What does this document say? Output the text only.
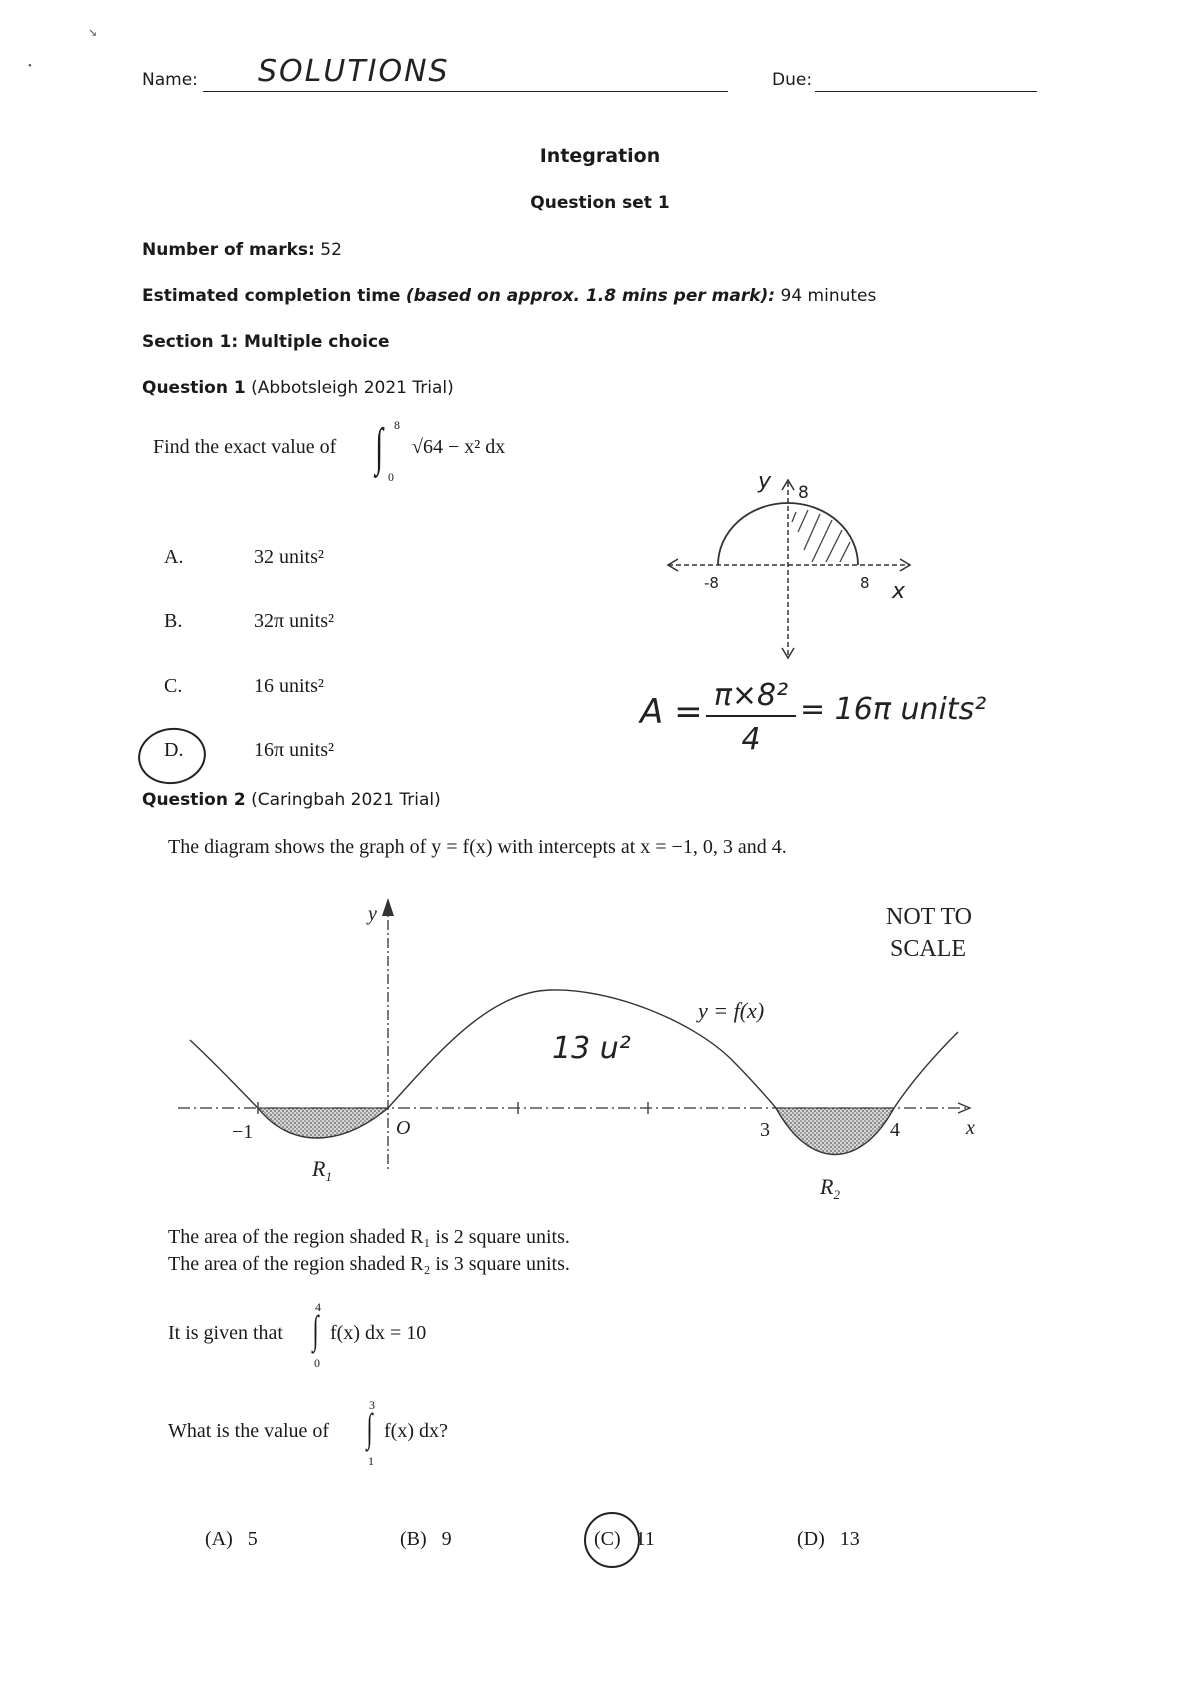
↘
•
Name: SOLUTIONS	Due:
Integration
Question set 1
Number of marks: 52
Estimated completion time (based on approx. 1.8 mins per mark): 94 minutes
Section 1: Multiple choice
Question 1 (Abbotsleigh 2021 Trial)
Find the exact value of ∫ 8
0
√64 − x² dx
A.	32 units²
B.	32π units²
C.	16 units²
D.	16π units²
y 8
-8	8 x
A = π×8²
4
= 16π units²
Question 2 (Caringbah 2021 Trial)
The diagram shows the graph of y = f(x) with intercepts at x = −1, 0, 3 and 4.
y
x
NOT TO
SCALE
y = f(x)
−1	O	3	4
$R_1$	$R_2$
13 u²
The area of the region shaded R₁ is 2 square units.
The area of the region shaded R₂ is 3 square units.
It is given that ∫
4
0
f(x) dx = 10
What is the value of ∫
3
1
f(x) dx?
(A) 5	(B) 9	(C) 11	(D) 13
